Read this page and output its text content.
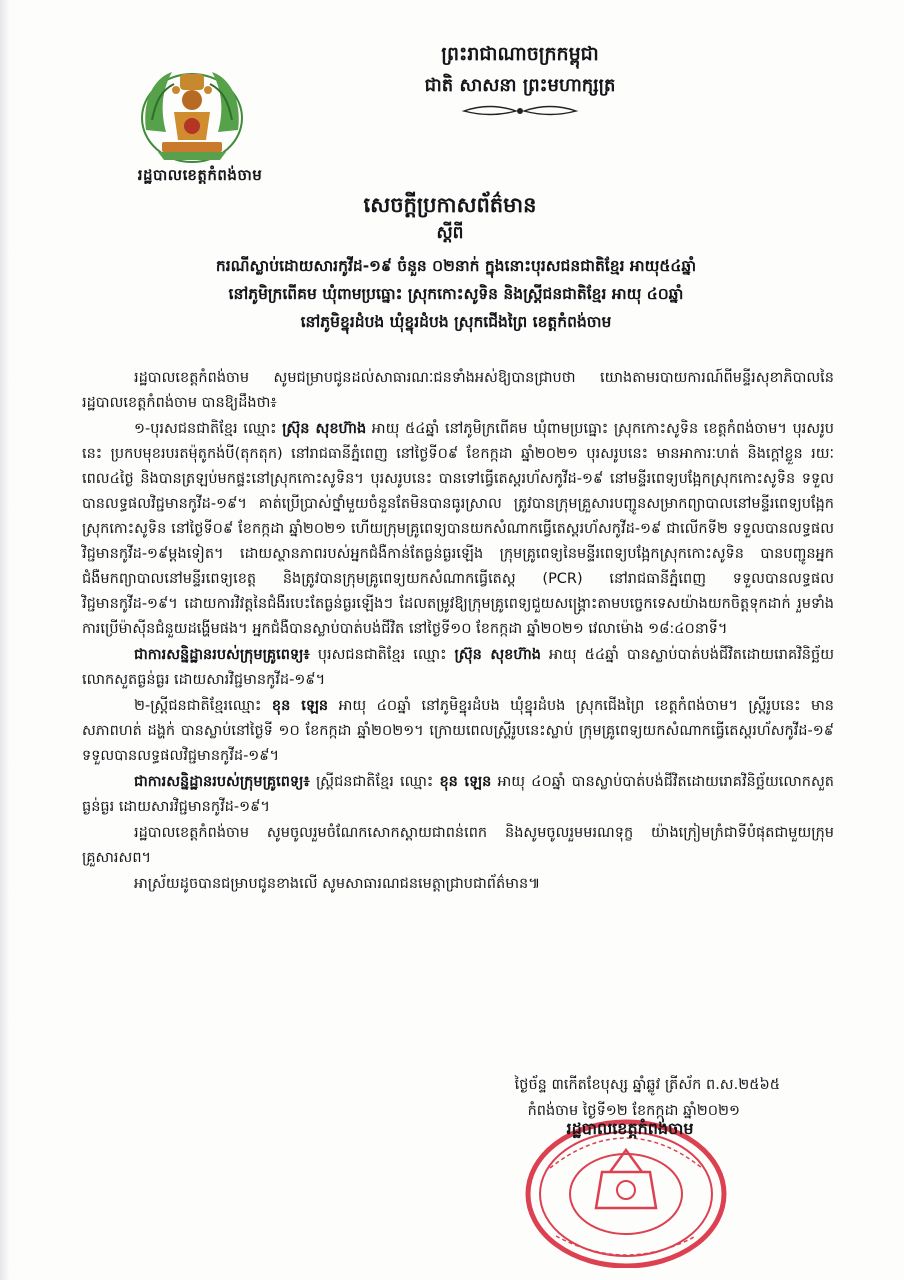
រដ្ឋបាលខេត្តកំពង់ចាម
ព្រះរាជាណាចក្រកម្ពុជា
ជាតិ សាសនា ព្រះមហាក្សត្រ
សេចក្តីប្រកាសព័ត៌មាន
ស្តីពី
ករណីស្លាប់ដោយសារកូវីដ-១៩ ចំនួន ០២នាក់ ក្នុងនោះបុរសជនជាតិខ្មែរ អាយុ៥៤ឆ្នាំ
នៅភូមិក្រពើគម ឃុំពាមប្រធ្នោះ ស្រុកកោះសូទិន និងស្ត្រីជនជាតិខ្មែរ អាយុ ៤០ឆ្នាំ
នៅភូមិខ្នុរដំបង ឃុំខ្នុរដំបង ស្រុកជើងព្រៃ ខេត្តកំពង់ចាម

រដ្ឋបាលខេត្តកំពង់ចាម សូមជម្រាបជូនដល់សាធារណៈជនទាំងអស់ឱ្យបានជ្រាបថា យោងតាមរបាយការណ៍ពីមន្ទីរសុខាភិបាលនៃរដ្ឋបាលខេត្តកំពង់ចាម បានឱ្យដឹងថា៖

១-បុរសជនជាតិខ្មែរ ឈ្មោះ ស្រ៊ុន សុខហ៊ាង អាយុ ៥៤ឆ្នាំ នៅភូមិក្រពើគម ឃុំពាមប្រធ្នោះ ស្រុកកោះសូទិន ខេត្តកំពង់ចាម។ បុរសរូបនេះ ប្រកបមុខរបរតម៉ុតូកង់បី(តុកតុក) នៅរាជធានីភ្នំពេញ នៅថ្ងៃទី០៩ ខែកក្កដា ឆ្នាំ២០២១ បុរសរូបនេះ មានអាការៈហត់ និងក្តៅខ្លួន រយៈពេល៤ថ្ងៃ និងបានត្រឡប់មកផ្ទះនៅស្រុកកោះសូទិន។ បុរសរូបនេះ បានទៅធ្វើតេស្តរហ័សកូវីដ-១៩ នៅមន្ទីរពេទ្យបង្អែកស្រុកកោះសូទិន ទទួលបានលទ្ធផលវិជ្ជមានកូវីដ-១៩។ គាត់ប្រើប្រាស់ថ្នាំមួយចំនួនតែមិនបានធូរស្រាល ត្រូវបានក្រុមគ្រួសារបញ្ជូនសម្រាកព្យាបាលនៅមន្ទីរពេទ្យបង្អែកស្រុកកោះសូទិន នៅថ្ងៃទី០៩ ខែកក្កដា ឆ្នាំ២០២១ ហើយក្រុមគ្រូពេទ្យបានយកសំណាកធ្វើតេស្តរហ័សកូវីដ-១៩ ជាលើកទី២ ទទួលបានលទ្ធផលវិជ្ជមានកូវីដ-១៩ម្តងទៀត។ ដោយស្ថានភាពរបស់អ្នកជំងឺកាន់តែធ្ងន់ធ្ងរឡើង ក្រុមគ្រូពេទ្យនៃមន្ទីរពេទ្យបង្អែកស្រុកកោះសូទិន បានបញ្ជូនអ្នកជំងឺមកព្យាបាលនៅមន្ទីរពេទ្យខេត្ត និងត្រូវបានក្រុមគ្រូពេទ្យយកសំណាកធ្វើតេស្ត (PCR) នៅរាជធានីភ្នំពេញ ទទួលបានលទ្ធផលវិជ្ជមានកូវីដ-១៩។ ដោយការវិវត្តនៃជំងឺរបេះតែធ្ងន់ធ្ងរឡើងៗ ដែលតម្រូវឱ្យក្រុមគ្រូពេទ្យជួយសង្គ្រោះតាមបច្ចេកទេសយ៉ាងយកចិត្តទុកដាក់ រួមទាំងការប្រើម៉ាស៊ីនជំនួយដង្ហើមផង។ អ្នកជំងឺបានស្លាប់បាត់បង់ជីវិត នៅថ្ងៃទី១០ ខែកក្កដា ឆ្នាំ២០២១ វេលាម៉ោង ១៨:៤០នាទី។

ជាការសន្និដ្ឋានរបស់ក្រុមគ្រូពេទ្យ៖ បុរសជនជាតិខ្មែរ ឈ្មោះ ស្រ៊ុន សុខហ៊ាង អាយុ ៥៤ឆ្នាំ បានស្លាប់បាត់បង់ជីវិតដោយរោគវិនិច្ឆ័យ លោកសួតធ្ងន់ធ្ងរ ដោយសារវិជ្ជមានកូវីដ-១៩។

២-ស្ត្រីជនជាតិខ្មែរឈ្មោះ ខុន ឡេន អាយុ ៤០ឆ្នាំ នៅភូមិខ្នុរដំបង ឃុំខ្នុរដំបង ស្រុកជើងព្រៃ ខេត្តកំពង់ចាម។ ស្ត្រីរូបនេះ មានសភាពហត់ ដង្ហក់ បានស្លាប់នៅថ្ងៃទី ១០ ខែកក្កដា ឆ្នាំ២០២១។ ក្រោយពេលស្ត្រីរូបនេះស្លាប់ ក្រុមគ្រូពេទ្យយកសំណាកធ្វើតេស្តរហ័សកូវីដ-១៩ ទទួលបានលទ្ធផលវិជ្ជមានកូវីដ-១៩។

ជាការសន្និដ្ឋានរបស់ក្រុមគ្រូពេទ្យ៖ ស្ត្រីជនជាតិខ្មែរ ឈ្មោះ ខុន ឡេន អាយុ ៤០ឆ្នាំ បានស្លាប់បាត់បង់ជីវិតដោយរោគវិនិច្ឆ័យលោកសួតធ្ងន់ធ្ងរ ដោយសារវិជ្ជមានកូវីដ-១៩។

រដ្ឋបាលខេត្តកំពង់ចាម សូមចូលរួមចំណែកសោកស្តាយជាពន់ពេក និងសូមចូលរួមមរណទុក្ខ យ៉ាងក្រៀមក្រំជាទីបំផុតជាមួយក្រុមគ្រួសារសព។

អាស្រ័យដូចបានជម្រាបជូនខាងលើ សូមសាធារណជនមេត្តាជ្រាបជាព័ត៌មាន៕

ថ្ងៃច័ន្ទ ៣កើតខែបុស្ស ឆ្នាំឆ្លូវ ត្រីស័ក ព.ស.២៥៦៥
កំពង់ចាម ថ្ងៃទី១២ ខែកក្កដា ឆ្នាំ២០២១
រដ្ឋបាលខេត្តកំពង់ចាម
